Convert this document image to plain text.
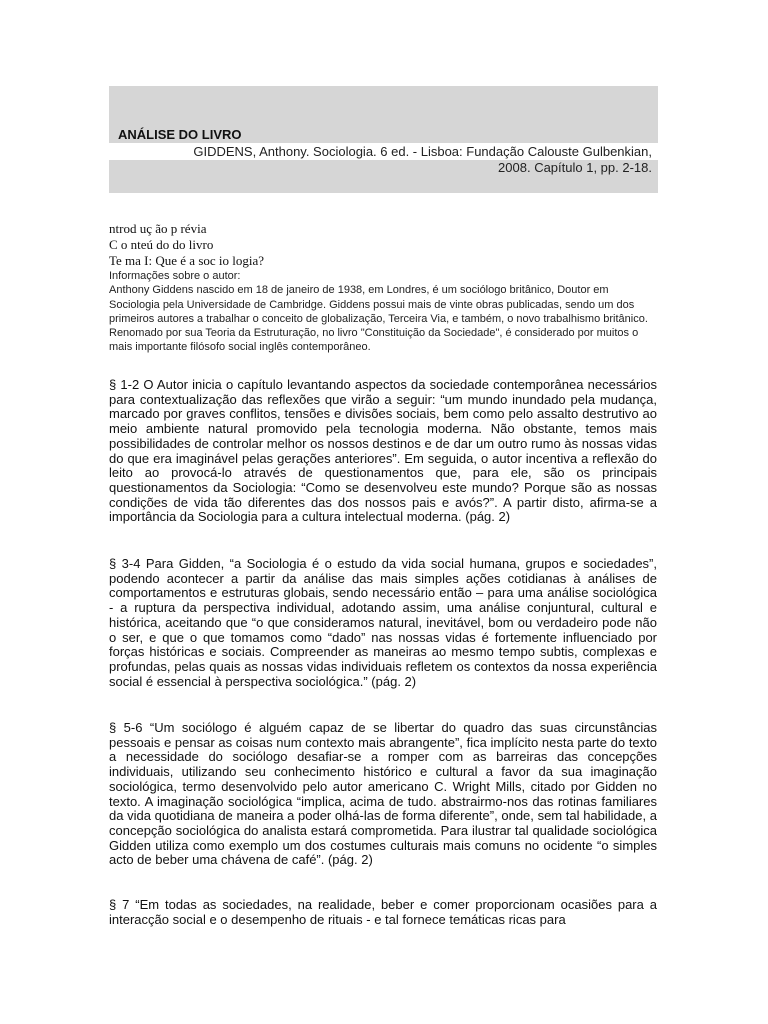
ANÁLISE DO LIVRO
GIDDENS, Anthony. Sociologia. 6 ed. - Lisboa: Fundação Calouste Gulbenkian,
2008. Capítulo 1, pp. 2-18.
ntrod uç ão p révia
C o nteú do do livro
Te ma I: Que é a soc io logia?
Informações sobre o autor:
Anthony Giddens nascido em 18 de janeiro de 1938, em Londres, é um sociólogo britânico, Doutor em Sociologia pela Universidade de Cambridge. Giddens possui mais de vinte obras publicadas, sendo um dos primeiros autores a trabalhar o conceito de globalização, Terceira Via, e também, o novo trabalhismo britânico. Renomado por sua Teoria da Estruturação, no livro "Constituição da Sociedade", é considerado por muitos o mais importante filósofo social inglês contemporâneo.
§ 1-2 O Autor inicia o capítulo levantando aspectos da sociedade contemporânea necessários para contextualização das reflexões que virão a seguir: “um mundo inundado pela mudança, marcado por graves conflitos, tensões e divisões sociais, bem como pelo assalto destrutivo ao meio ambiente natural promovido pela tecnologia moderna. Não obstante, temos mais possibilidades de controlar melhor os nossos destinos e de dar um outro rumo às nossas vidas do que era imaginável pelas gerações anteriores”. Em seguida, o autor incentiva a reflexão do leito ao provocá-lo através de questionamentos que, para ele, são os principais questionamentos da Sociologia: “Como se desenvolveu este mundo? Porque são as nossas condições de vida tão diferentes das dos nossos pais e avós?”. A partir disto, afirma-se a importância da Sociologia para a cultura intelectual moderna. (pág. 2)
§ 3-4 Para Gidden, “a Sociologia é o estudo da vida social humana, grupos e sociedades”, podendo acontecer a partir da análise das mais simples ações cotidianas à análises de comportamentos e estruturas globais, sendo necessário então – para uma análise sociológica - a ruptura da perspectiva individual, adotando assim, uma análise conjuntural, cultural e histórica, aceitando que “o que consideramos natural, inevitável, bom ou verdadeiro pode não o ser, e que o que tomamos como “dado” nas nossas vidas é fortemente influenciado por forças históricas e sociais. Compreender as maneiras ao mesmo tempo subtis, complexas e profundas, pelas quais as nossas vidas individuais refletem os contextos da nossa experiência social é essencial à perspectiva sociológica.” (pág. 2)
§ 5-6 “Um sociólogo é alguém capaz de se libertar do quadro das suas circunstâncias pessoais e pensar as coisas num contexto mais abrangente”, fica implícito nesta parte do texto a necessidade do sociólogo desafiar-se a romper com as barreiras das concepções individuais, utilizando seu conhecimento histórico e cultural a favor da sua imaginação sociológica, termo desenvolvido pelo autor americano C. Wright Mills, citado por Gidden no texto. A imaginação sociológica “implica, acima de tudo. abstrairmo-nos das rotinas familiares da vida quotidiana de maneira a poder olhá-las de forma diferente”, onde, sem tal habilidade, a concepção sociológica do analista estará comprometida. Para ilustrar tal qualidade sociológica Gidden utiliza como exemplo um dos costumes culturais mais comuns no ocidente “o simples acto de beber uma chávena de café”. (pág. 2)
§ 7 “Em todas as sociedades, na realidade, beber e comer proporcionam ocasiões para a interacção social e o desempenho de rituais - e tal fornece temáticas ricas para
